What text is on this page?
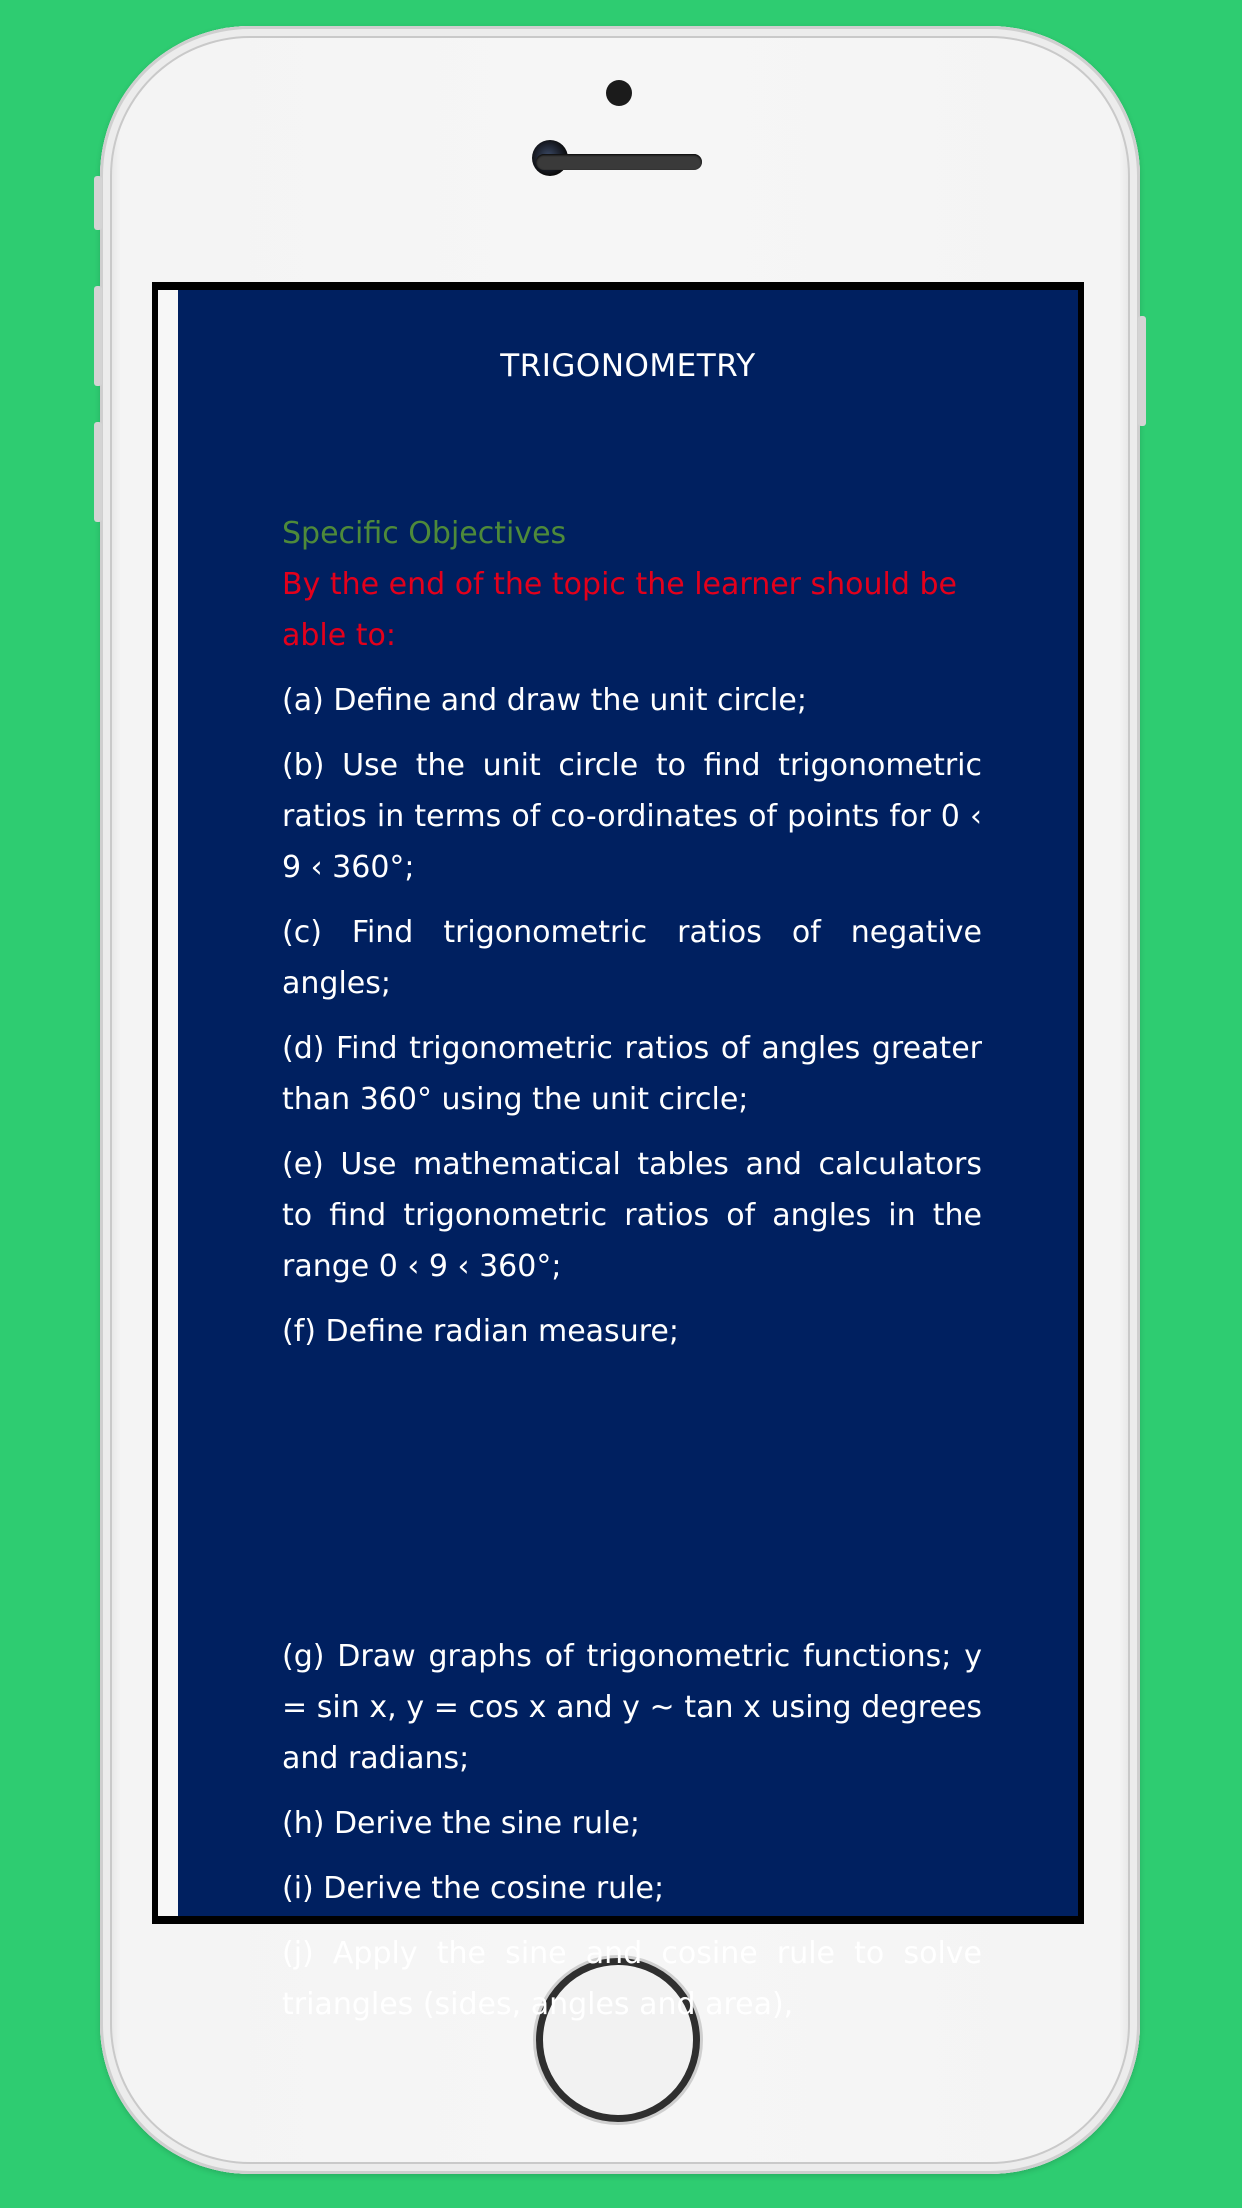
TRIGONOMETRY

Specific Objectives

By the end of the topic the learner should be able to:

(a) Define and draw the unit circle;

(b) Use the unit circle to find trigonometric ratios in terms of co-ordinates of points for 0 ‹ 9 ‹ 360°;

(c) Find trigonometric ratios of negative angles;

(d) Find trigonometric ratios of angles greater than 360° using the unit circle;

(e) Use mathematical tables and calculators to find trigonometric ratios of angles in the range 0 ‹ 9 ‹ 360°;

(f) Define radian measure;

(g) Draw graphs of trigonometric functions; y = sin x, y = cos x and y ~ tan x using degrees and radians;

(h) Derive the sine rule;

(i) Derive the cosine rule;

(j) Apply the sine and cosine rule to solve triangles (sides, angles and area),
